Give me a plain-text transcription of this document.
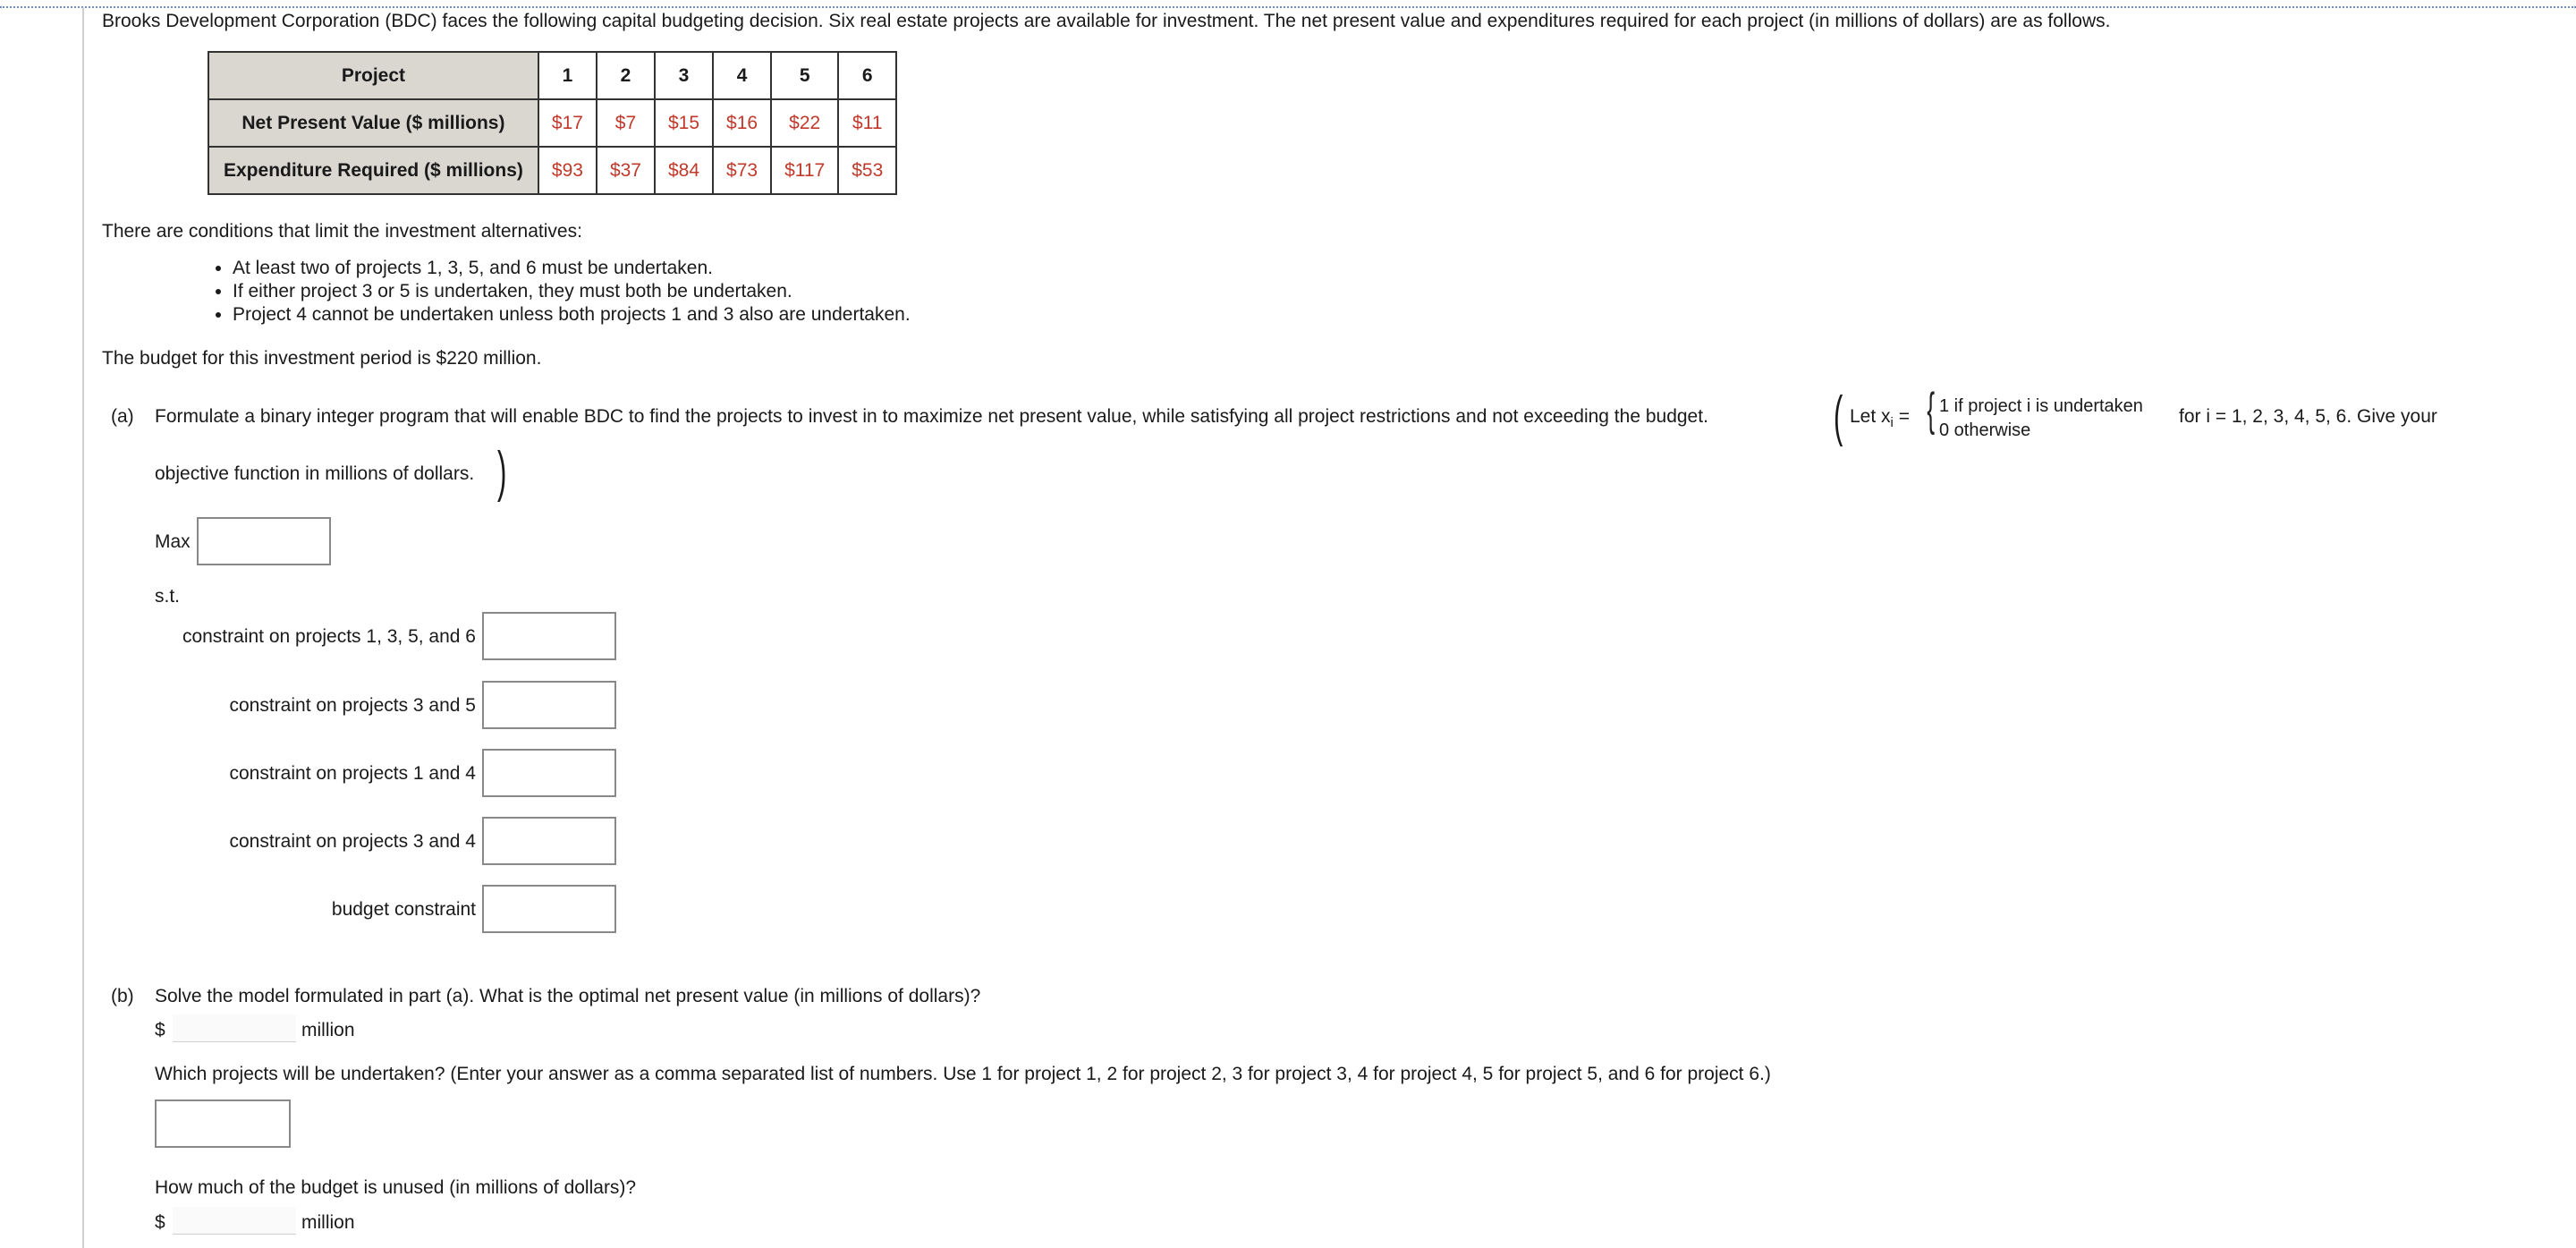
Brooks Development Corporation (BDC) faces the following capital budgeting decision. Six real estate projects are available for investment. The net present value and expenditures required for each project (in millions of dollars) are as follows.
Project	1	2	3	4	5	6
Net Present Value ($ millions)	$17	$7	$15	$16	$22	$11
Expenditure Required ($ millions)	$93	$37	$84	$73	$117	$53
There are conditions that limit the investment alternatives:
• At least two of projects 1, 3, 5, and 6 must be undertaken.
• If either project 3 or 5 is undertaken, they must both be undertaken.
• Project 4 cannot be undertaken unless both projects 1 and 3 also are undertaken.
The budget for this investment period is $220 million.
(a) Formulate a binary integer program that will enable BDC to find the projects to invest in to maximize net present value, while satisfying all project restrictions and not exceeding the budget. ( Let $x_i$ = { 1 if project i is undertaken
0 otherwise
for i = 1, 2, 3, 4, 5, 6. Give your
objective function in millions of dollars. )
Max
s.t.
constraint on projects 1, 3, 5, and 6
constraint on projects 3 and 5
constraint on projects 1 and 4
constraint on projects 3 and 4
budget constraint
(b) Solve the model formulated in part (a). What is the optimal net present value (in millions of dollars)?
$	million
Which projects will be undertaken? (Enter your answer as a comma separated list of numbers. Use 1 for project 1, 2 for project 2, 3 for project 3, 4 for project 4, 5 for project 5, and 6 for project 6.)
How much of the budget is unused (in millions of dollars)?
$	million
